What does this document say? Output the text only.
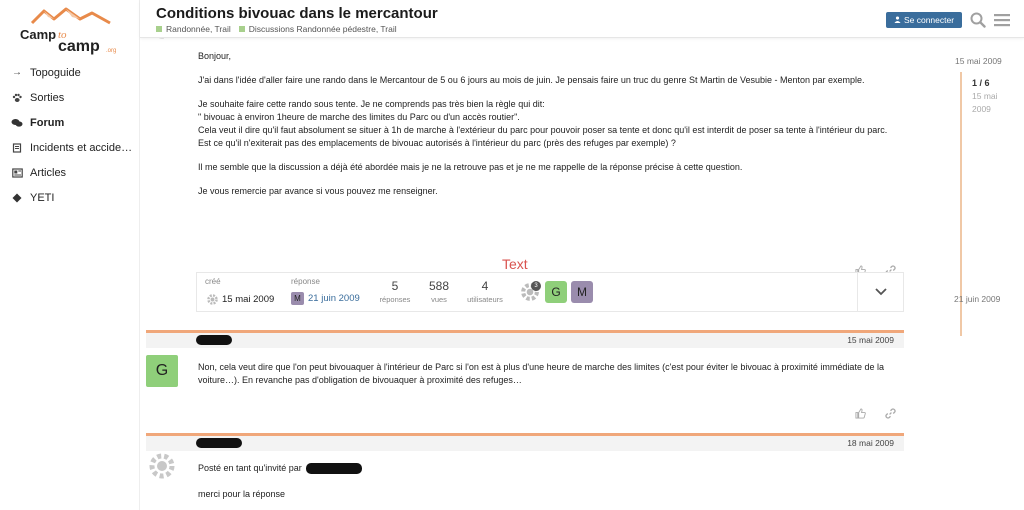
Camp to
camp .org
→ Topoguide
Sorties
Forum
Incidents et accide…
Articles
YETI
Conditions bivouac dans le mercantour
Randonnée, Trail Discussions Randonnée pédestre, Trail
Se connecter

Bonjour,

J'ai dans l'idée d'aller faire une rando dans le Mercantour de 5 ou 6 jours au mois de juin. Je pensais faire un truc du genre St Martin de Vesubie - Menton par exemple.

Je souhaite faire cette rando sous tente. Je ne comprends pas très bien la règle qui dit:
" bivouac à environ 1heure de marche des limites du Parc ou d'un accès routier".
Cela veut il dire qu'il faut absolument se situer à 1h de marche à l'extérieur du parc pour pouvoir poser sa tente et donc qu'il est interdit de poser sa tente à l'intérieur du parc. Est ce qu'il n'exiterait pas des emplacements de bivouac autorisés à l'intérieur du parc (près des refuges par exemple) ?

Il me semble que la discussion a déjà été abordée mais je ne la retrouve pas et je ne me rappelle de la réponse précise à cette question.

Je vous remercie par avance si vous pouvez me renseigner.

Text
créé
15 mai 2009
réponse
M 21 juin 2009
5
réponses
588
vues
4
utilisateurs
3	G	M
15 mai 2009
1 / 6
15 mai
2009
21 juin 2009
15 mai 2009
G	Non, cela veut dire que l'on peut bivouaquer à l'intérieur de Parc si l'on est à plus d'une heure de marche des limites (c'est pour éviter le bivouac à proximité immédiate de la voiture…). En revanche pas d'obligation de bivouaquer à proximité des refuges…
18 mai 2009
Posté en tant qu'invité par
merci pour la réponse
